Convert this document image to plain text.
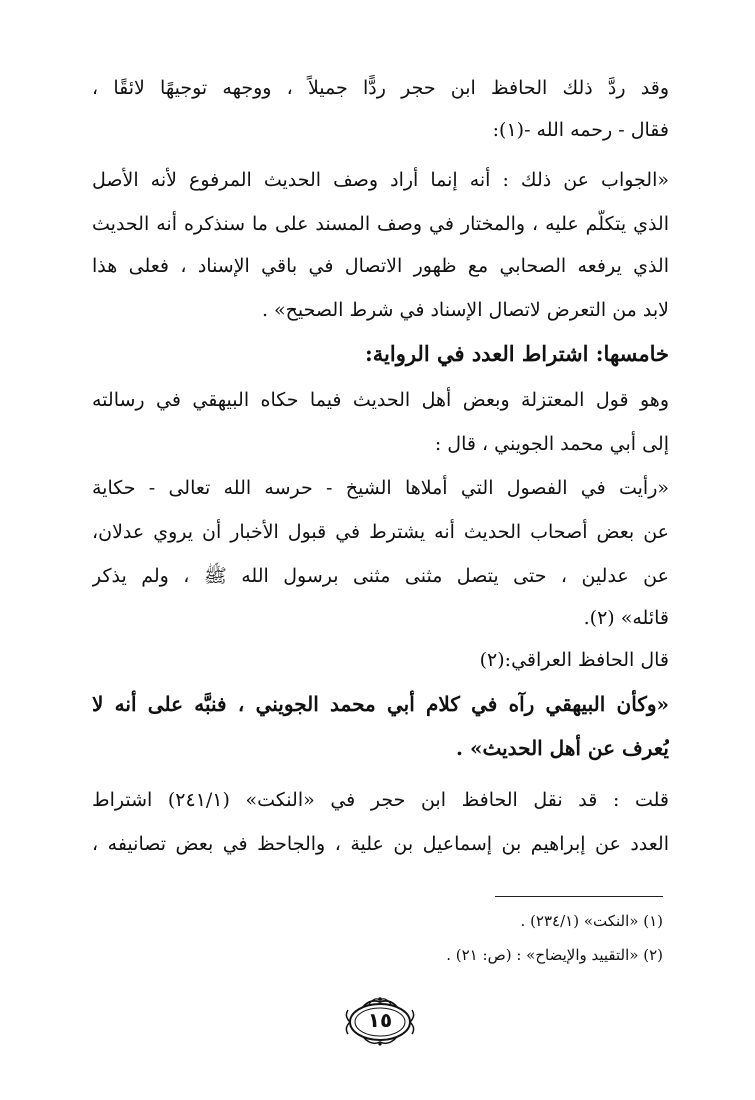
وقد ردَّ ذلك الحافظ ابن حجر ردًّا جميلاً ، ووجهه توجيهًا لائقًا ،
فقال - رحمه الله -(١):
«الجواب عن ذلك : أنه إنما أراد وصف الحديث المرفوع لأنه الأصل
الذي يتكلَّم عليه ، والمختار في وصف المسند على ما سنذكره أنه الحديث
الذي يرفعه الصحابي مع ظهور الاتصال في باقي الإسناد ، فعلى هذا
لابد من التعرض لاتصال الإسناد في شرط الصحيح» .
خامسها: اشتراط العدد في الرواية:
وهو قول المعتزلة وبعض أهل الحديث فيما حكاه البيهقي في رسالته
إلى أبي محمد الجويني ، قال :
«رأيت في الفصول التي أملاها الشيخ - حرسه الله تعالى - حكاية
عن بعض أصحاب الحديث أنه يشترط في قبول الأخبار أن يروي عدلان،
عن عدلين ، حتى يتصل مثنى مثنى برسول الله ﷺ ، ولم يذكر
قائله» (٢).
قال الحافظ العراقي:(٢)
«وكأن البيهقي رآه في كلام أبي محمد الجويني ، فنبَّه على أنه لا
يُعرف عن أهل الحديث» .
قلت : قد نقل الحافظ ابن حجر في «النكت» (٢٤١/١) اشتراط
العدد عن إبراهيم بن إسماعيل بن علية ، والجاحظ في بعض تصانيفه ،
(١) «النكت» (٢٣٤/١) .
(٢) «التقييد والإيضاح» : (ص: ٢١) .
١٥
